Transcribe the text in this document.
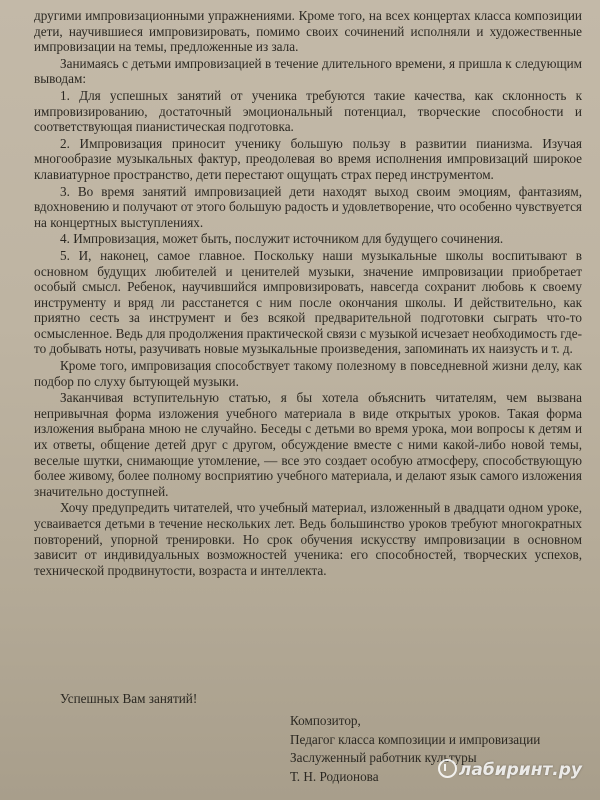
другими импровизационными упражнениями. Кроме того, на всех концертах класса композиции дети, научившиеся импровизировать, помимо своих сочинений исполняли и художественные импровизации на темы, предложенные из зала.

Занимаясь с детьми импровизацией в течение длительного времени, я пришла к следующим выводам:

1. Для успешных занятий от ученика требуются такие качества, как склонность к импровизированию, достаточный эмоциональный потенциал, творческие способности и соответствующая пианистическая подготовка.

2. Импровизация приносит ученику большую пользу в развитии пианизма. Изучая многообразие музыкальных фактур, преодолевая во время исполнения импровизаций широкое клавиатурное пространство, дети перестают ощущать страх перед инструментом.

3. Во время занятий импровизацией дети находят выход своим эмоциям, фантазиям, вдохновению и получают от этого большую радость и удовлетворение, что особенно чувствуется на концертных выступлениях.

4. Импровизация, может быть, послужит источником для будущего сочинения.

5. И, наконец, самое главное. Поскольку наши музыкальные школы воспитывают в основном будущих любителей и ценителей музыки, значение импровизации приобретает особый смысл. Ребенок, научившийся импровизировать, навсегда сохранит любовь к своему инструменту и вряд ли расстанется с ним после окончания школы. И действительно, как приятно сесть за инструмент и без всякой предварительной подготовки сыграть что-то осмысленное. Ведь для продолжения практической связи с музыкой исчезает необходимость где-то добывать ноты, разучивать новые музыкальные произведения, запоминать их наизусть и т. д.

Кроме того, импровизация способствует такому полезному в повседневной жизни делу, как подбор по слуху бытующей музыки.

Заканчивая вступительную статью, я бы хотела объяснить читателям, чем вызвана непривычная форма изложения учебного материала в виде открытых уроков. Такая форма изложения выбрана мною не случайно. Беседы с детьми во время урока, мои вопросы к детям и их ответы, общение детей друг с другом, обсуждение вместе с ними какой-либо новой темы, веселые шутки, снимающие утомление, — все это создает особую атмосферу, способствующую более живому, более полному восприятию учебного материала, и делают язык самого изложения значительно доступней.

Хочу предупредить читателей, что учебный материал, изложенный в двадцати одном уроке, усваивается детьми в течение нескольких лет. Ведь большинство уроков требуют многократных повторений, упорной тренировки. Но срок обучения искусству импровизации в основном зависит от индивидуальных возможностей ученика: его способностей, творческих успехов, технической продвинутости, возраста и интеллекта.

Успешных Вам занятий!
Композитор,
Педагог класса композиции и импровизации
Заслуженный работник культуры
Т. Н. Родионова	лабиринт.ру
